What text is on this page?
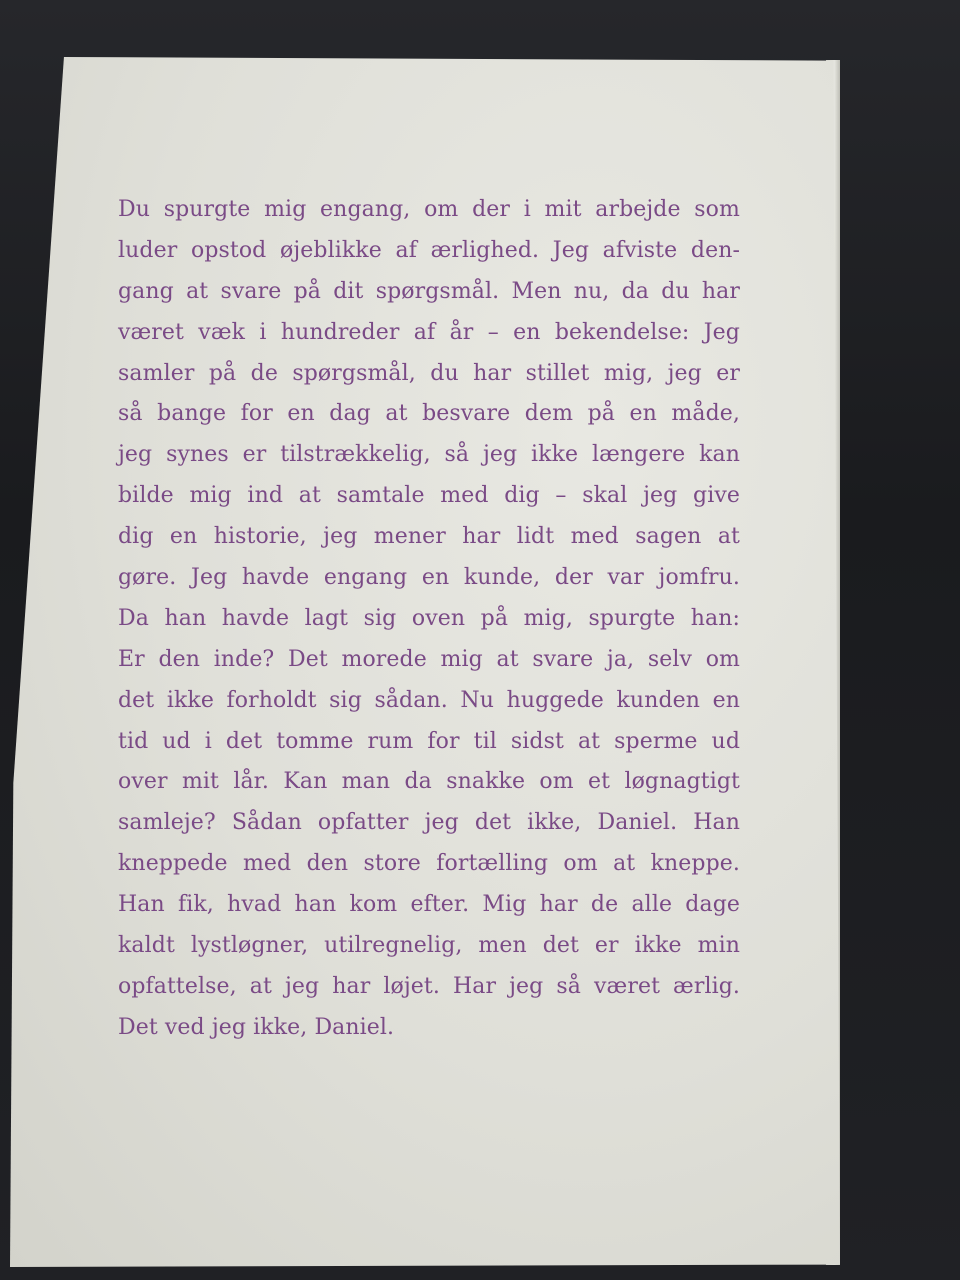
Du spurgte mig engang, om der i mit arbejde som
luder opstod øjeblikke af ærlighed. Jeg afviste den-
gang at svare på dit spørgsmål. Men nu, da du har
været væk i hundreder af år – en bekendelse: Jeg
samler på de spørgsmål, du har stillet mig, jeg er
så bange for en dag at besvare dem på en måde,
jeg synes er tilstrækkelig, så jeg ikke længere kan
bilde mig ind at samtale med dig – skal jeg give
dig en historie, jeg mener har lidt med sagen at
gøre. Jeg havde engang en kunde, der var jomfru.
Da han havde lagt sig oven på mig, spurgte han:
Er den inde? Det morede mig at svare ja, selv om
det ikke forholdt sig sådan. Nu huggede kunden en
tid ud i det tomme rum for til sidst at sperme ud
over mit lår. Kan man da snakke om et løgnagtigt
samleje? Sådan opfatter jeg det ikke, Daniel. Han
kneppede med den store fortælling om at kneppe.
Han fik, hvad han kom efter. Mig har de alle dage
kaldt lystløgner, utilregnelig, men det er ikke min
opfattelse, at jeg har løjet. Har jeg så været ærlig.
Det ved jeg ikke, Daniel.
